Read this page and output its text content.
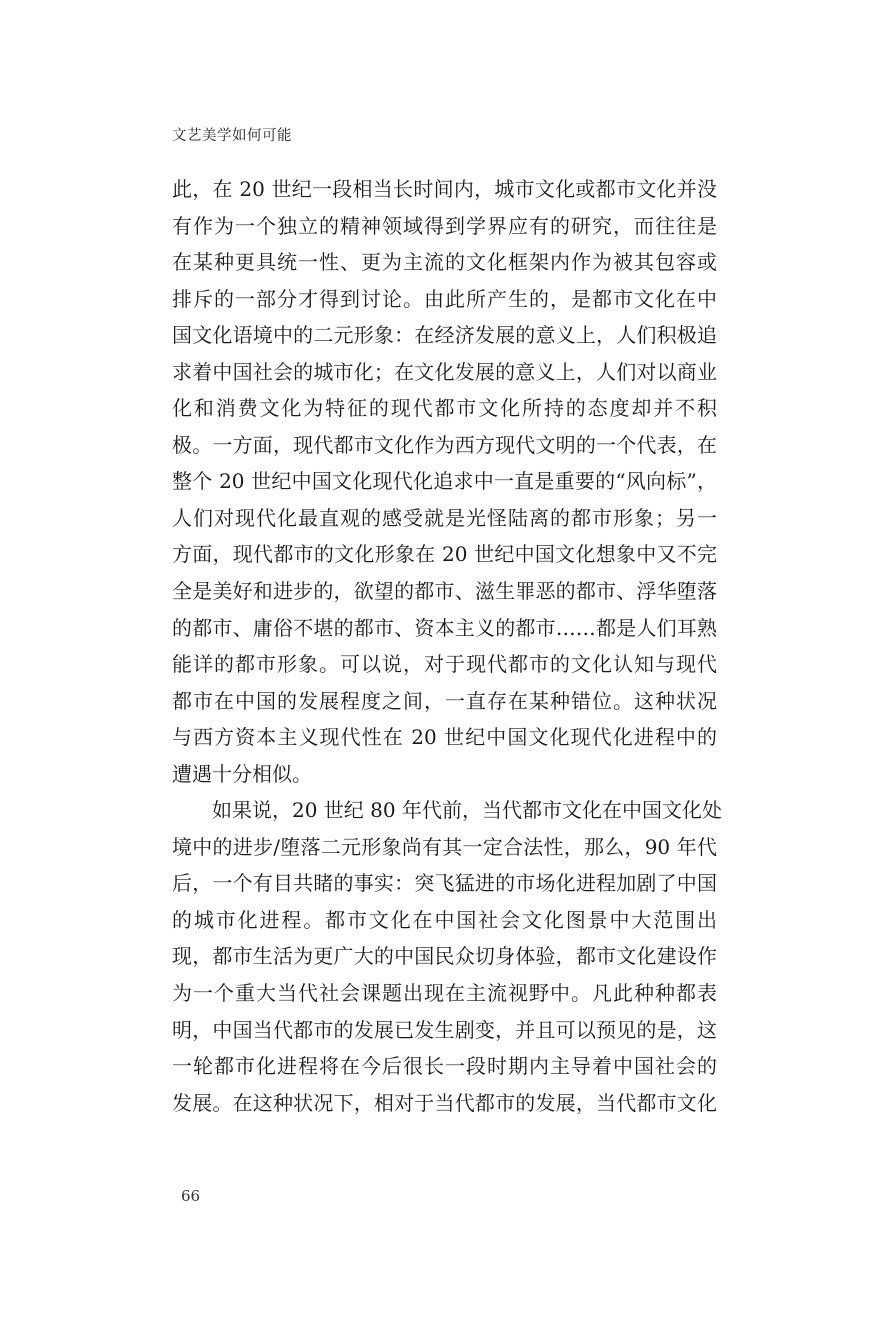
文艺美学如何可能
此，在 20 世纪一段相当长时间内，城市文化或都市文化并没
有作为一个独立的精神领域得到学界应有的研究，而往往是
在某种更具统一性、更为主流的文化框架内作为被其包容或
排斥的一部分才得到讨论。由此所产生的，是都市文化在中
国文化语境中的二元形象：在经济发展的意义上，人们积极追
求着中国社会的城市化；在文化发展的意义上，人们对以商业
化和消费文化为特征的现代都市文化所持的态度却并不积
极。一方面，现代都市文化作为西方现代文明的一个代表，在
整个 20 世纪中国文化现代化追求中一直是重要的“风向标”，
人们对现代化最直观的感受就是光怪陆离的都市形象；另一
方面，现代都市的文化形象在 20 世纪中国文化想象中又不完
全是美好和进步的，欲望的都市、滋生罪恶的都市、浮华堕落
的都市、庸俗不堪的都市、资本主义的都市……都是人们耳熟
能详的都市形象。可以说，对于现代都市的文化认知与现代
都市在中国的发展程度之间，一直存在某种错位。这种状况
与西方资本主义现代性在 20 世纪中国文化现代化进程中的
遭遇十分相似。
　　如果说，20 世纪 80 年代前，当代都市文化在中国文化处
境中的进步/堕落二元形象尚有其一定合法性，那么，90 年代
后，一个有目共睹的事实：突飞猛进的市场化进程加剧了中国
的城市化进程。都市文化在中国社会文化图景中大范围出
现，都市生活为更广大的中国民众切身体验，都市文化建设作
为一个重大当代社会课题出现在主流视野中。凡此种种都表
明，中国当代都市的发展已发生剧变，并且可以预见的是，这
一轮都市化进程将在今后很长一段时期内主导着中国社会的
发展。在这种状况下，相对于当代都市的发展，当代都市文化
66
